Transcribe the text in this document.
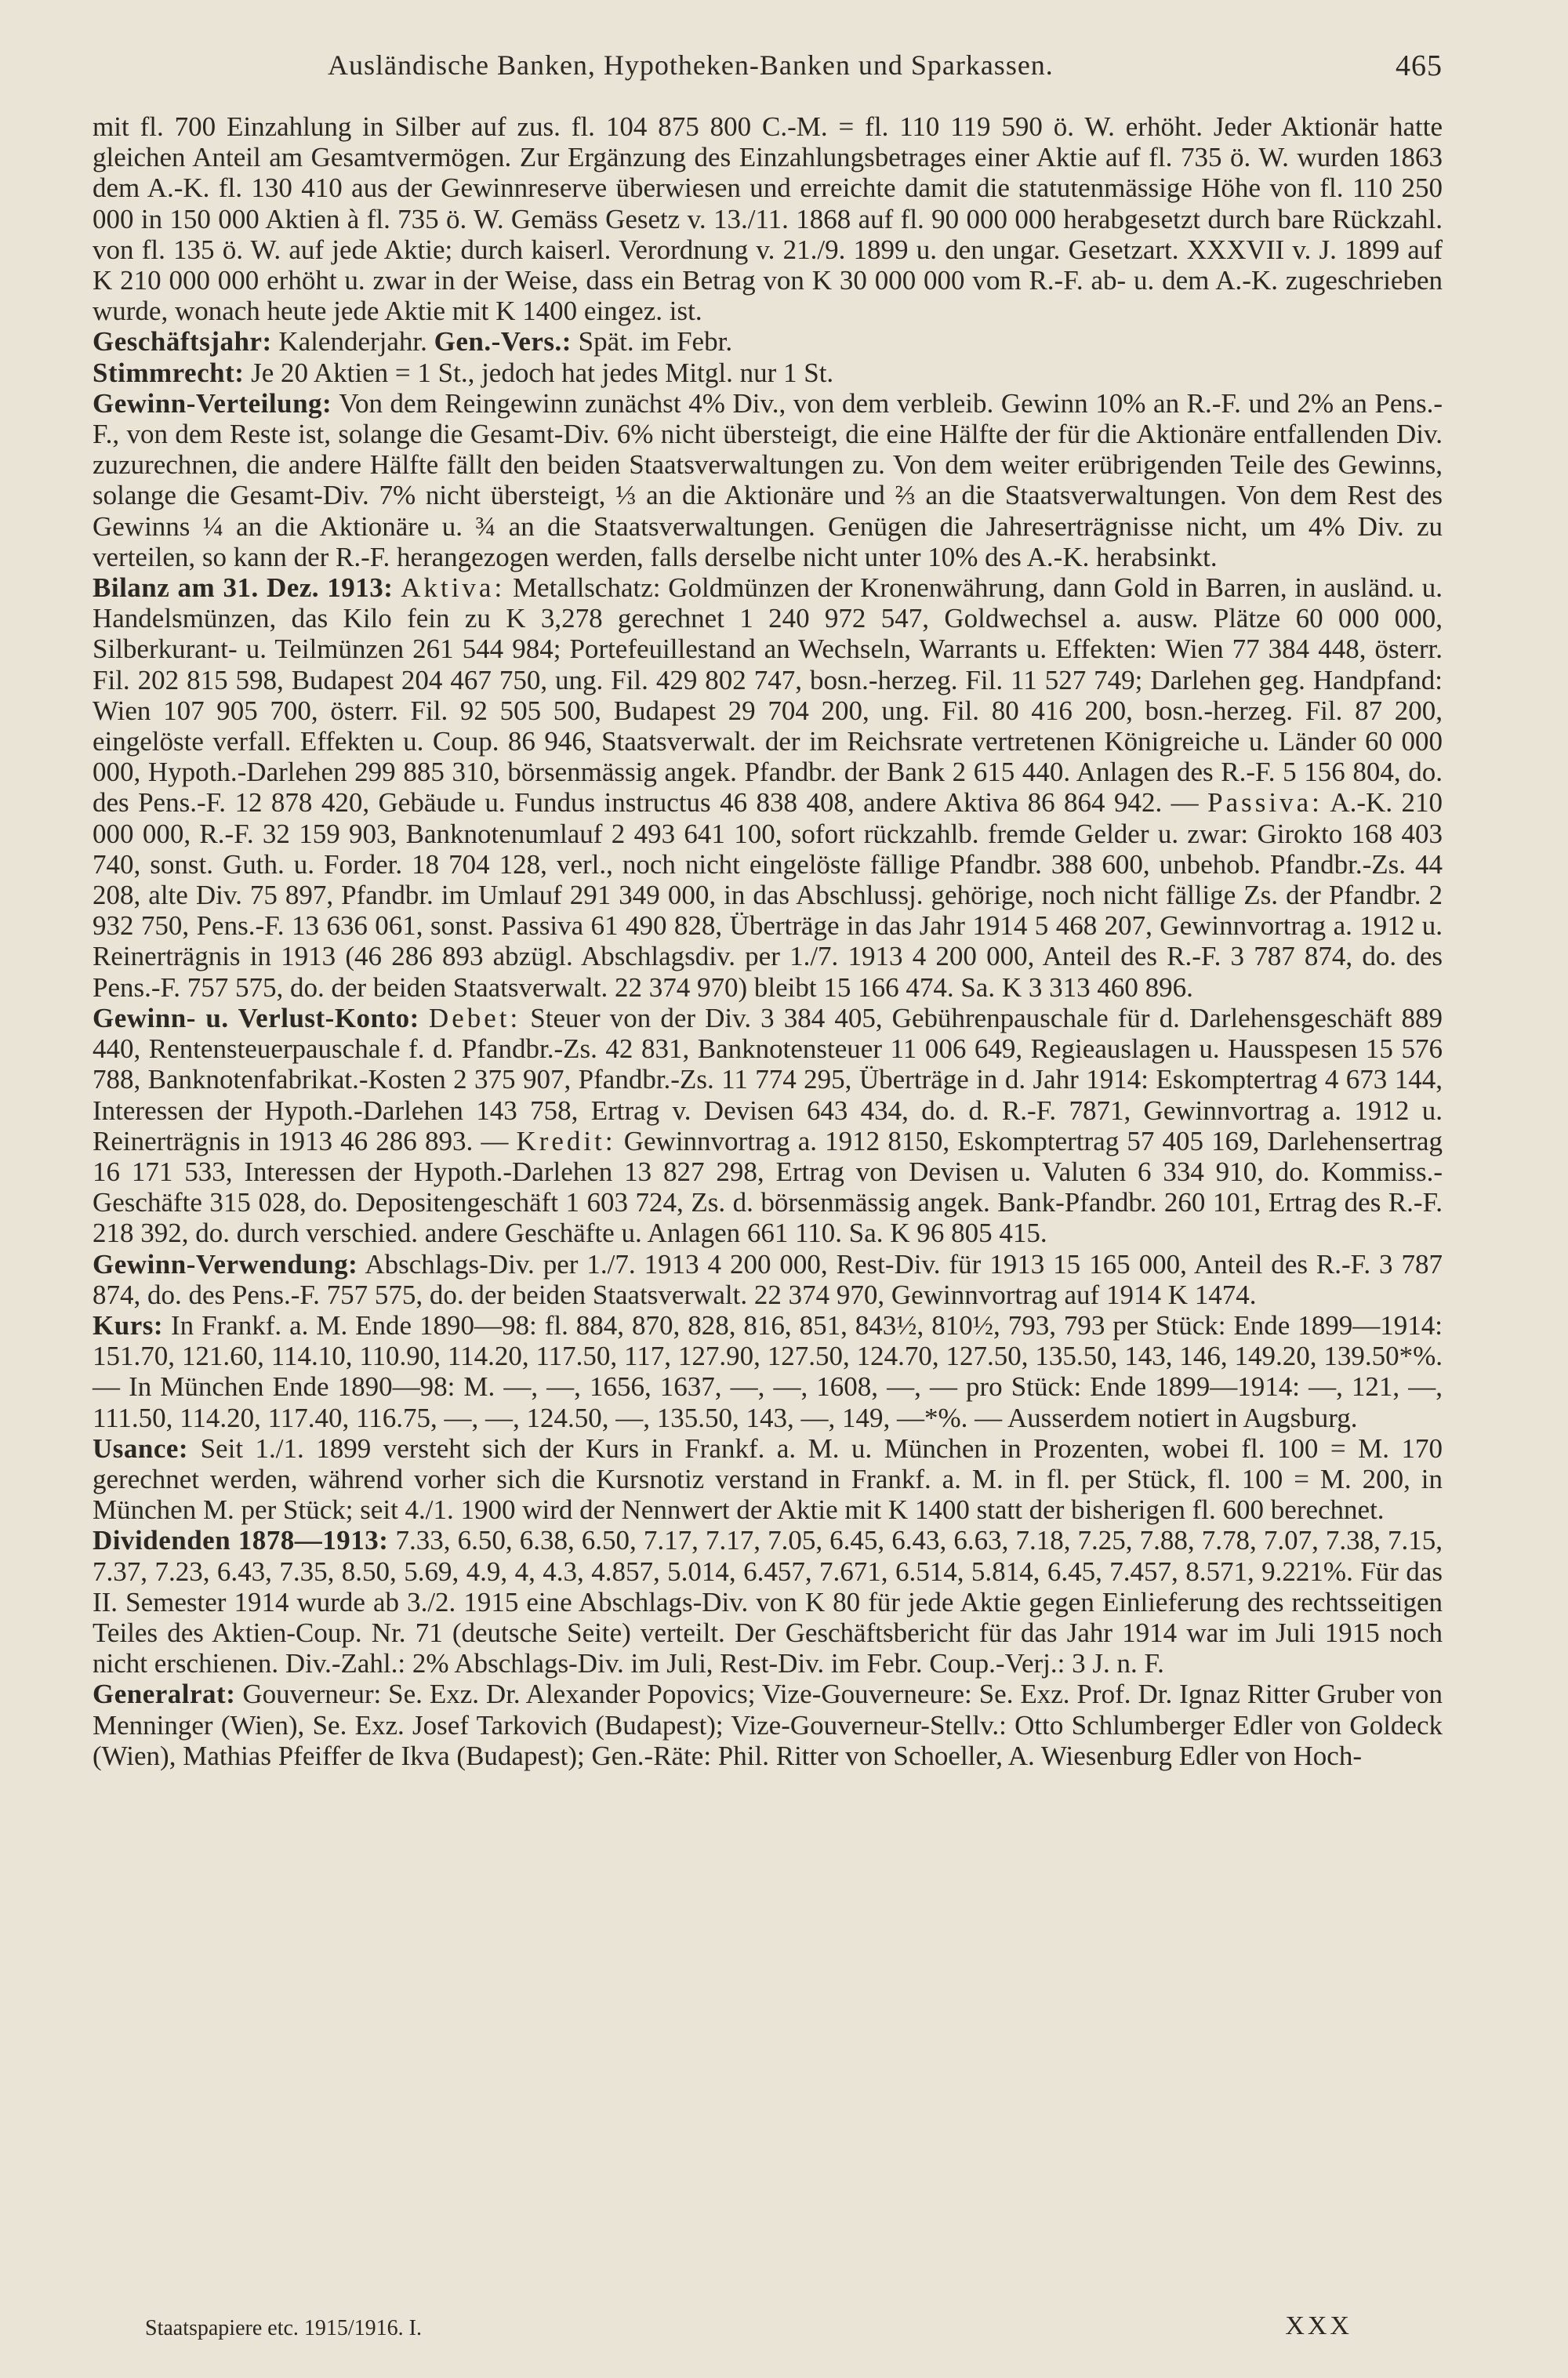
Ausländische Banken, Hypotheken-Banken und Sparkassen.	465

mit fl. 700 Einzahlung in Silber auf zus. fl. 104 875 800 C.-M. = fl. 110 119 590 ö. W. erhöht. Jeder Aktionär hatte gleichen Anteil am Gesamtvermögen. Zur Ergänzung des Einzahlungsbetrages einer Aktie auf fl. 735 ö. W. wurden 1863 dem A.-K. fl. 130 410 aus der Gewinnreserve überwiesen und erreichte damit die statutenmässige Höhe von fl. 110 250 000 in 150 000 Aktien à fl. 735 ö. W. Gemäss Gesetz v. 13./11. 1868 auf fl. 90 000 000 herabgesetzt durch bare Rückzahl. von fl. 135 ö. W. auf jede Aktie; durch kaiserl. Verordnung v. 21./9. 1899 u. den ungar. Gesetzart. XXXVII v. J. 1899 auf K 210 000 000 erhöht u. zwar in der Weise, dass ein Betrag von K 30 000 000 vom R.-F. ab- u. dem A.-K. zugeschrieben wurde, wonach heute jede Aktie mit K 1400 eingez. ist.

Geschäftsjahr: Kalenderjahr. Gen.-Vers.: Spät. im Febr.

Stimmrecht: Je 20 Aktien = 1 St., jedoch hat jedes Mitgl. nur 1 St.

Gewinn-Verteilung: Von dem Reingewinn zunächst 4% Div., von dem verbleib. Gewinn 10% an R.-F. und 2% an Pens.-F., von dem Reste ist, solange die Gesamt-Div. 6% nicht übersteigt, die eine Hälfte der für die Aktionäre entfallenden Div. zuzurechnen, die andere Hälfte fällt den beiden Staatsverwaltungen zu. Von dem weiter erübrigenden Teile des Gewinns, solange die Gesamt-Div. 7% nicht übersteigt, ⅓ an die Aktionäre und ⅔ an die Staatsverwaltungen. Von dem Rest des Gewinns ¼ an die Aktionäre u. ¾ an die Staatsverwaltungen. Genügen die Jahreserträgnisse nicht, um 4% Div. zu verteilen, so kann der R.-F. herangezogen werden, falls derselbe nicht unter 10% des A.-K. herabsinkt.

Bilanz am 31. Dez. 1913: Aktiva: Metallschatz: Goldmünzen der Kronenwährung, dann Gold in Barren, in ausländ. u. Handelsmünzen, das Kilo fein zu K 3,278 gerechnet 1 240 972 547, Goldwechsel a. ausw. Plätze 60 000 000, Silberkurant- u. Teilmünzen 261 544 984; Portefeuillestand an Wechseln, Warrants u. Effekten: Wien 77 384 448, österr. Fil. 202 815 598, Budapest 204 467 750, ung. Fil. 429 802 747, bosn.-herzeg. Fil. 11 527 749; Darlehen geg. Handpfand: Wien 107 905 700, österr. Fil. 92 505 500, Budapest 29 704 200, ung. Fil. 80 416 200, bosn.-herzeg. Fil. 87 200, eingelöste verfall. Effekten u. Coup. 86 946, Staatsverwalt. der im Reichsrate vertretenen Königreiche u. Länder 60 000 000, Hypoth.-Darlehen 299 885 310, börsenmässig angek. Pfandbr. der Bank 2 615 440. Anlagen des R.-F. 5 156 804, do. des Pens.-F. 12 878 420, Gebäude u. Fundus instructus 46 838 408, andere Aktiva 86 864 942. — Passiva: A.-K. 210 000 000, R.-F. 32 159 903, Banknotenumlauf 2 493 641 100, sofort rückzahlb. fremde Gelder u. zwar: Girokto 168 403 740, sonst. Guth. u. Forder. 18 704 128, verl., noch nicht eingelöste fällige Pfandbr. 388 600, unbehob. Pfandbr.-Zs. 44 208, alte Div. 75 897, Pfandbr. im Umlauf 291 349 000, in das Abschlussj. gehörige, noch nicht fällige Zs. der Pfandbr. 2 932 750, Pens.-F. 13 636 061, sonst. Passiva 61 490 828, Überträge in das Jahr 1914 5 468 207, Gewinnvortrag a. 1912 u. Reinerträgnis in 1913 (46 286 893 abzügl. Abschlagsdiv. per 1./7. 1913 4 200 000, Anteil des R.-F. 3 787 874, do. des Pens.-F. 757 575, do. der beiden Staatsverwalt. 22 374 970) bleibt 15 166 474. Sa. K 3 313 460 896.

Gewinn- u. Verlust-Konto: Debet: Steuer von der Div. 3 384 405, Gebührenpauschale für d. Darlehensgeschäft 889 440, Rentensteuerpauschale f. d. Pfandbr.-Zs. 42 831, Banknotensteuer 11 006 649, Regieauslagen u. Hausspesen 15 576 788, Banknotenfabrikat.-Kosten 2 375 907, Pfandbr.-Zs. 11 774 295, Überträge in d. Jahr 1914: Eskomptertrag 4 673 144, Interessen der Hypoth.-Darlehen 143 758, Ertrag v. Devisen 643 434, do. d. R.-F. 7871, Gewinnvortrag a. 1912 u. Reinerträgnis in 1913 46 286 893. — Kredit: Gewinnvortrag a. 1912 8150, Eskomptertrag 57 405 169, Darlehensertrag 16 171 533, Interessen der Hypoth.-Darlehen 13 827 298, Ertrag von Devisen u. Valuten 6 334 910, do. Kommiss.-Geschäfte 315 028, do. Depositengeschäft 1 603 724, Zs. d. börsenmässig angek. Bank-Pfandbr. 260 101, Ertrag des R.-F. 218 392, do. durch verschied. andere Geschäfte u. Anlagen 661 110. Sa. K 96 805 415.

Gewinn-Verwendung: Abschlags-Div. per 1./7. 1913 4 200 000, Rest-Div. für 1913 15 165 000, Anteil des R.-F. 3 787 874, do. des Pens.-F. 757 575, do. der beiden Staatsverwalt. 22 374 970, Gewinnvortrag auf 1914 K 1474.

Kurs: In Frankf. a. M. Ende 1890—98: fl. 884, 870, 828, 816, 851, 843½, 810½, 793, 793 per Stück: Ende 1899—1914: 151.70, 121.60, 114.10, 110.90, 114.20, 117.50, 117, 127.90, 127.50, 124.70, 127.50, 135.50, 143, 146, 149.20, 139.50*%. — In München Ende 1890—98: M. —, —, 1656, 1637, —, —, 1608, —, — pro Stück: Ende 1899—1914: —, 121, —, 111.50, 114.20, 117.40, 116.75, —, —, 124.50, —, 135.50, 143, —, 149, —*%. — Ausserdem notiert in Augsburg.

Usance: Seit 1./1. 1899 versteht sich der Kurs in Frankf. a. M. u. München in Prozenten, wobei fl. 100 = M. 170 gerechnet werden, während vorher sich die Kursnotiz verstand in Frankf. a. M. in fl. per Stück, fl. 100 = M. 200, in München M. per Stück; seit 4./1. 1900 wird der Nennwert der Aktie mit K 1400 statt der bisherigen fl. 600 berechnet.

Dividenden 1878—1913: 7.33, 6.50, 6.38, 6.50, 7.17, 7.17, 7.05, 6.45, 6.43, 6.63, 7.18, 7.25, 7.88, 7.78, 7.07, 7.38, 7.15, 7.37, 7.23, 6.43, 7.35, 8.50, 5.69, 4.9, 4, 4.3, 4.857, 5.014, 6.457, 7.671, 6.514, 5.814, 6.45, 7.457, 8.571, 9.221%. Für das II. Semester 1914 wurde ab 3./2. 1915 eine Abschlags-Div. von K 80 für jede Aktie gegen Einlieferung des rechtsseitigen Teiles des Aktien-Coup. Nr. 71 (deutsche Seite) verteilt. Der Geschäftsbericht für das Jahr 1914 war im Juli 1915 noch nicht erschienen. Div.-Zahl.: 2% Abschlags-Div. im Juli, Rest-Div. im Febr. Coup.-Verj.: 3 J. n. F.

Generalrat: Gouverneur: Se. Exz. Dr. Alexander Popovics; Vize-Gouverneure: Se. Exz. Prof. Dr. Ignaz Ritter Gruber von Menninger (Wien), Se. Exz. Josef Tarkovich (Budapest); Vize-Gouverneur-Stellv.: Otto Schlumberger Edler von Goldeck (Wien), Mathias Pfeiffer de Ikva (Budapest); Gen.-Räte: Phil. Ritter von Schoeller, A. Wiesenburg Edler von Hoch-

Staatspapiere etc. 1915/1916. I.	XXX
